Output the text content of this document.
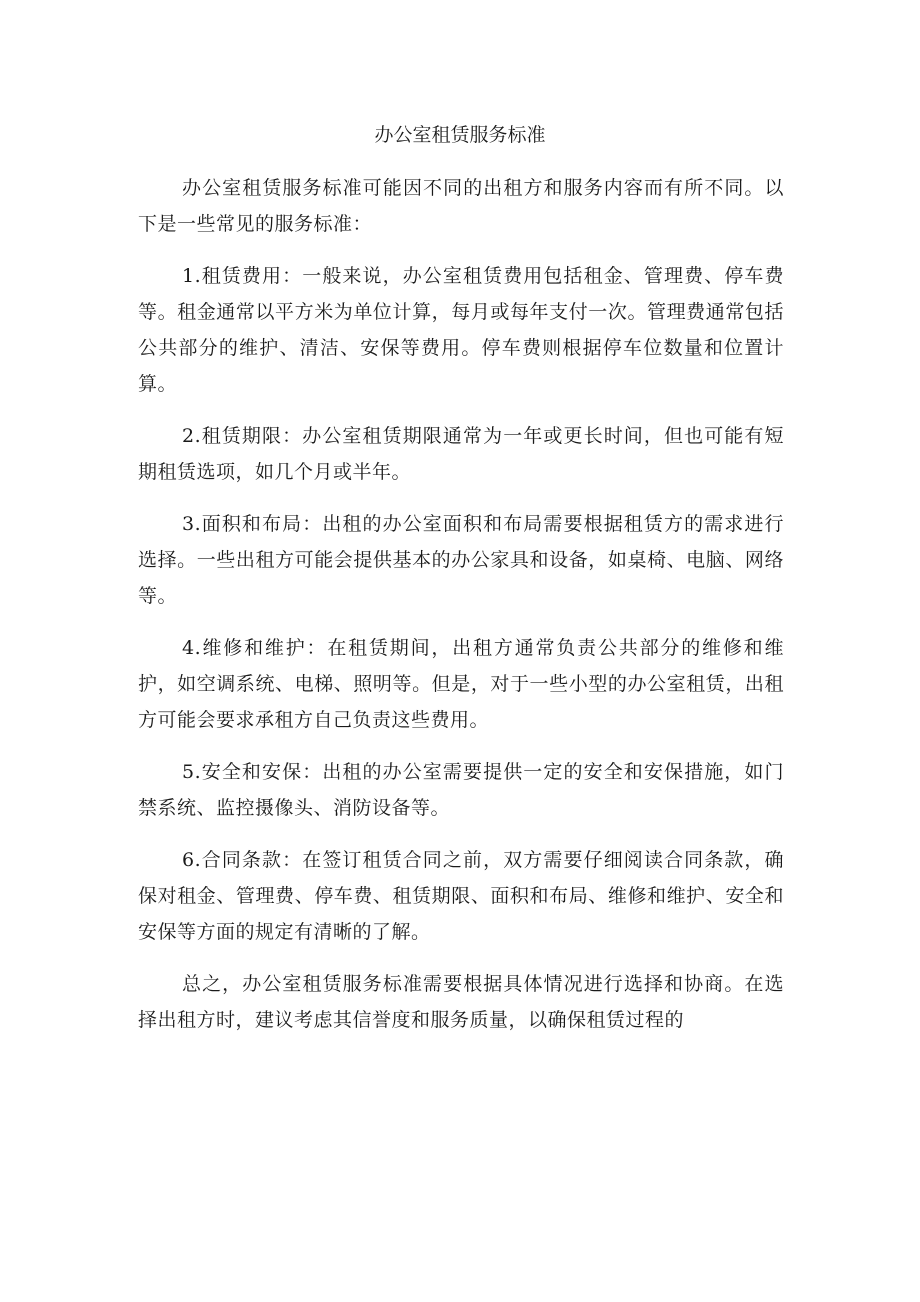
办公室租赁服务标准

办公室租赁服务标准可能因不同的出租方和服务内容而有所不同。以下是一些常见的服务标准：

1.租赁费用：一般来说，办公室租赁费用包括租金、管理费、停车费等。租金通常以平方米为单位计算，每月或每年支付一次。管理费通常包括公共部分的维护、清洁、安保等费用。停车费则根据停车位数量和位置计算。

2.租赁期限：办公室租赁期限通常为一年或更长时间，但也可能有短期租赁选项，如几个月或半年。

3.面积和布局：出租的办公室面积和布局需要根据租赁方的需求进行选择。一些出租方可能会提供基本的办公家具和设备，如桌椅、电脑、网络等。

4.维修和维护：在租赁期间，出租方通常负责公共部分的维修和维护，如空调系统、电梯、照明等。但是，对于一些小型的办公室租赁，出租方可能会要求承租方自己负责这些费用。

5.安全和安保：出租的办公室需要提供一定的安全和安保措施，如门禁系统、监控摄像头、消防设备等。

6.合同条款：在签订租赁合同之前，双方需要仔细阅读合同条款，确保对租金、管理费、停车费、租赁期限、面积和布局、维修和维护、安全和安保等方面的规定有清晰的了解。

总之，办公室租赁服务标准需要根据具体情况进行选择和协商。在选择出租方时，建议考虑其信誉度和服务质量，以确保租赁过程的
